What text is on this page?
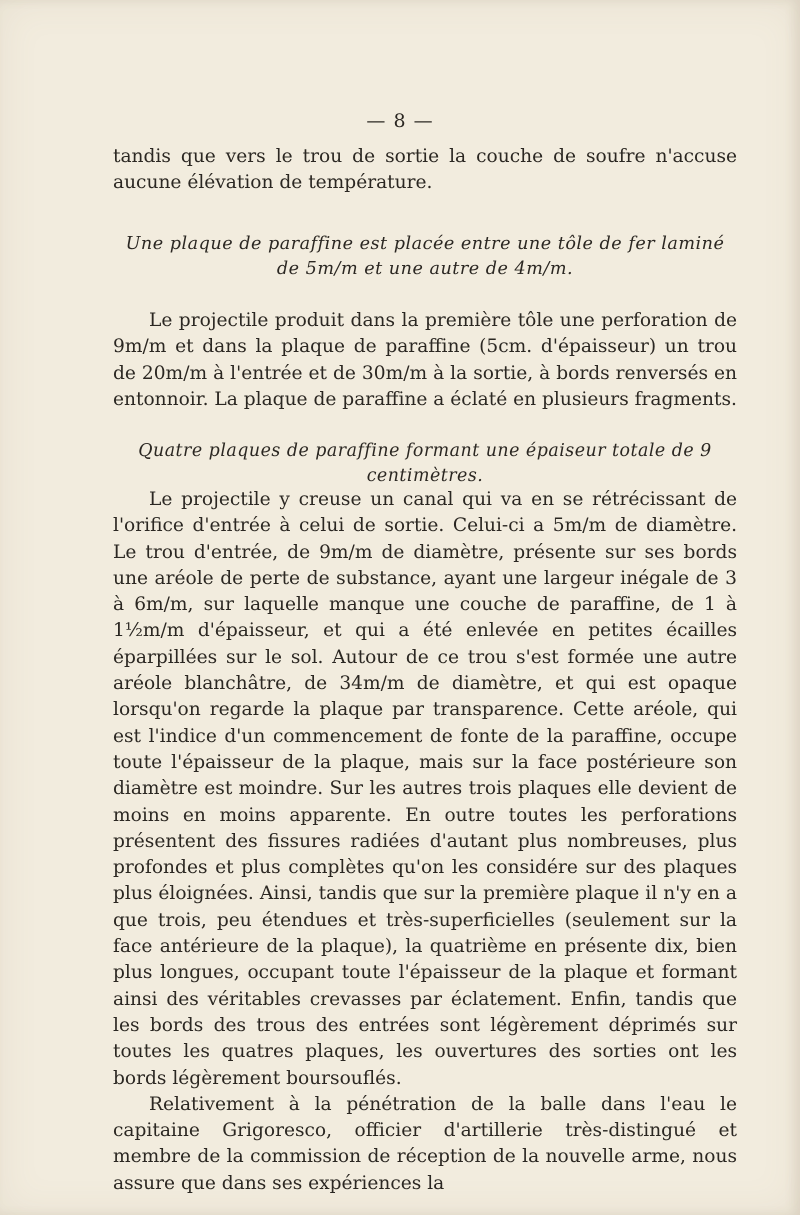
— 8 —

tandis que vers le trou de sortie la couche de soufre n'accuse aucune élévation de température.

Une plaque de paraffine est placée entre une tôle de fer laminé de 5m/m et une autre de 4m/m.

Le projectile produit dans la première tôle une perforation de 9m/m et dans la plaque de paraffine (5cm. d'épaisseur) un trou de 20m/m à l'entrée et de 30m/m à la sortie, à bords renversés en entonnoir. La plaque de paraffine a éclaté en plusieurs fragments.

Quatre plaques de paraffine formant une épaiseur totale de 9 centimètres.

Le projectile y creuse un canal qui va en se rétrécissant de l'orifice d'entrée à celui de sortie. Celui-ci a 5m/m de diamètre. Le trou d'entrée, de 9m/m de diamètre, présente sur ses bords une aréole de perte de substance, ayant une largeur inégale de 3 à 6m/m, sur laquelle manque une couche de paraffine, de 1 à 1½m/m d'épaisseur, et qui a été enlevée en petites écailles éparpillées sur le sol. Autour de ce trou s'est formée une autre aréole blanchâtre, de 34m/m de diamètre, et qui est opaque lorsqu'on regarde la plaque par transparence. Cette aréole, qui est l'indice d'un commencement de fonte de la paraffine, occupe toute l'épaisseur de la plaque, mais sur la face postérieure son diamètre est moindre. Sur les autres trois plaques elle devient de moins en moins apparente. En outre toutes les perforations présentent des fissures radiées d'autant plus nombreuses, plus profondes et plus complètes qu'on les considére sur des plaques plus éloignées. Ainsi, tandis que sur la première plaque il n'y en a que trois, peu étendues et très-superficielles (seulement sur la face antérieure de la plaque), la quatrième en présente dix, bien plus longues, occupant toute l'épaisseur de la plaque et formant ainsi des véritables crevasses par éclatement. Enfin, tandis que les bords des trous des entrées sont légèrement déprimés sur toutes les quatres plaques, les ouvertures des sorties ont les bords légèrement boursouflés.

Relativement à la pénétration de la balle dans l'eau le capitaine Grigoresco, officier d'artillerie très-distingué et membre de la commission de réception de la nouvelle arme, nous assure que dans ses expériences la
